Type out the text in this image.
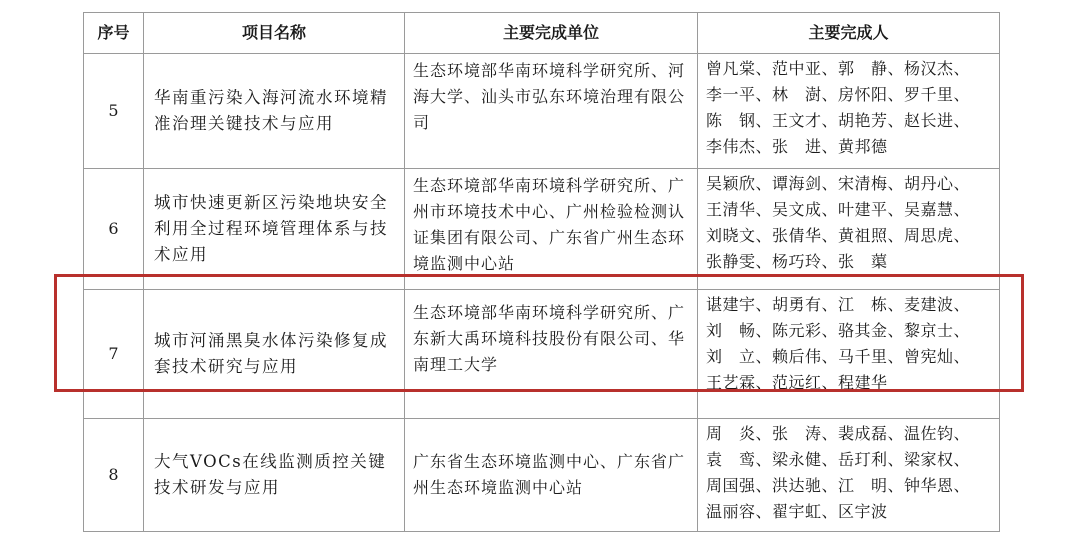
序号	项目名称	主要完成单位	主要完成人
5	华南重污染入海河流水环境精准治理关键技术与应用	生态环境部华南环境科学研究所、河海大学、汕头市弘东环境治理有限公司	曾凡棠、范中亚、郭　静、杨汉杰、
李一平、林　澍、房怀阳、罗千里、
陈　钢、王文才、胡艳芳、赵长进、
李伟杰、张　进、黄邦德

6	城市快速更新区污染地块安全利用全过程环境管理体系与技术应用	生态环境部华南环境科学研究所、广州市环境技术中心、广州检验检测认证集团有限公司、广东省广州生态环境监测中心站	吴颖欣、谭海剑、宋清梅、胡丹心、
王清华、吴文成、叶建平、吴嘉慧、
刘晓文、张倩华、黄祖照、周思虎、
张静雯、杨巧玲、张　蕖

7	城市河涌黑臭水体污染修复成套技术研究与应用	生态环境部华南环境科学研究所、广东新大禹环境科技股份有限公司、华南理工大学	谌建宇、胡勇有、江　栋、麦建波、
刘　畅、陈元彩、骆其金、黎京士、
刘　立、赖后伟、马千里、曾宪灿、
王艺霖、范远红、程建华

8	大气VOCs在线监测质控关键技术研发与应用	广东省生态环境监测中心、广东省广州生态环境监测中心站	周　炎、张　涛、裴成磊、温佐钧、
袁　鸾、梁永健、岳玎利、梁家权、
周国强、洪达驰、江　明、钟华恩、
温丽容、翟宇虹、区宇波
